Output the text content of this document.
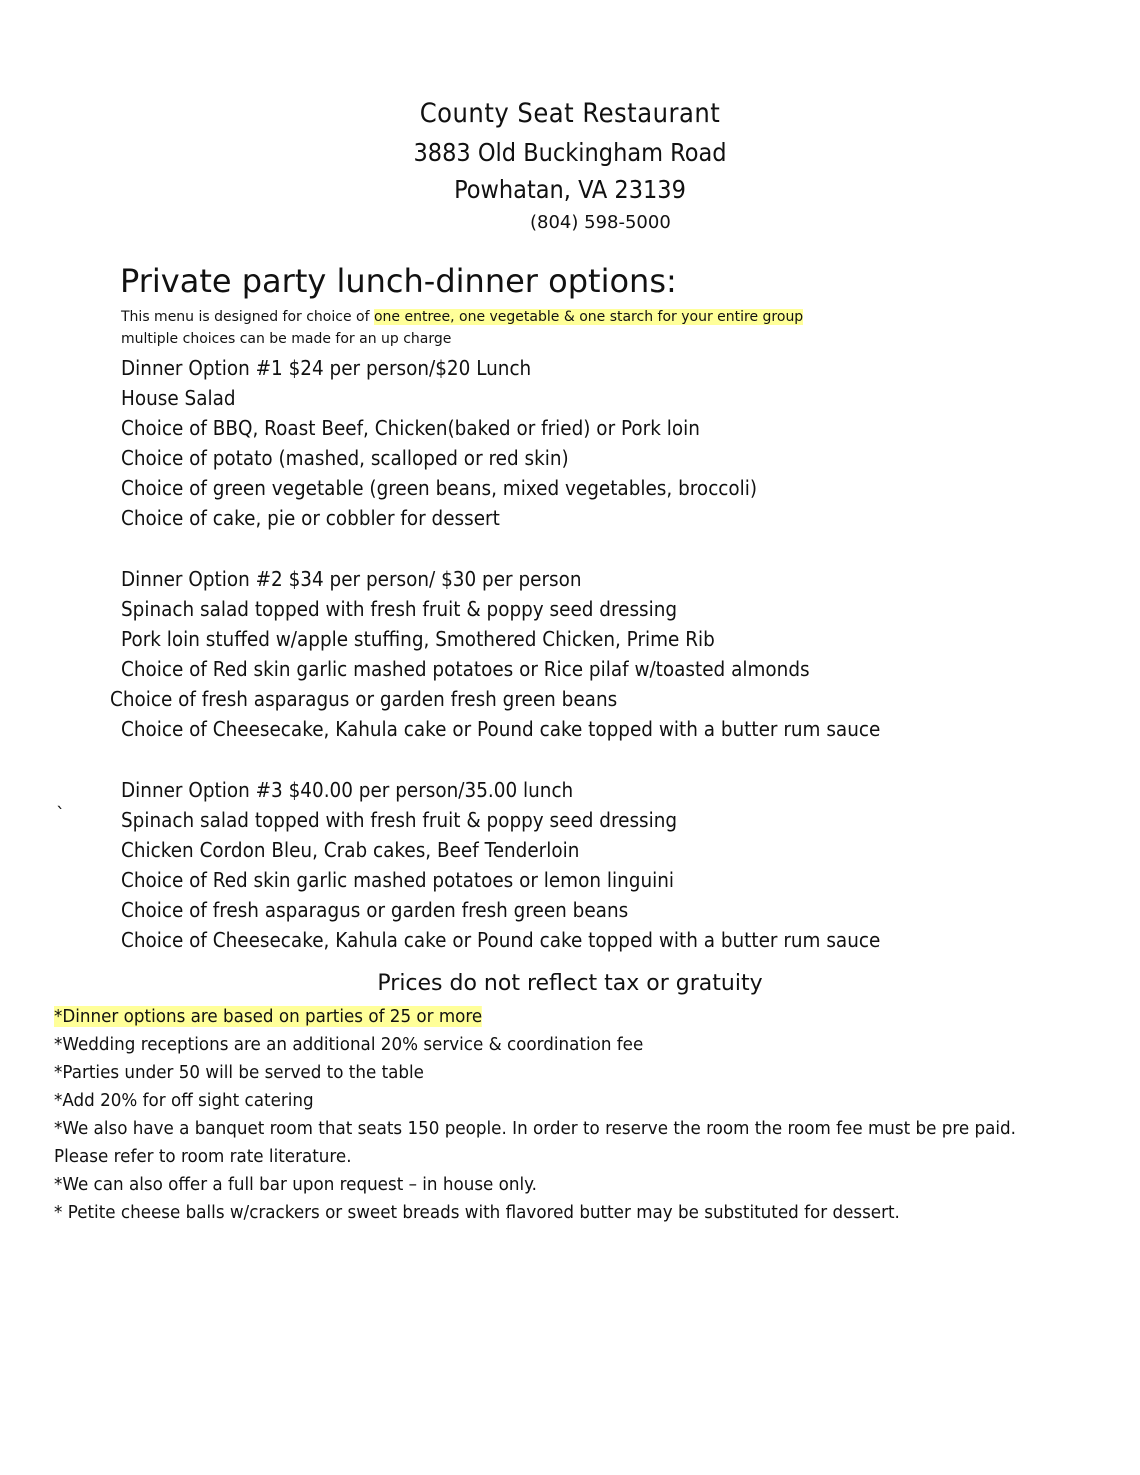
County Seat Restaurant
3883 Old Buckingham Road
Powhatan, VA 23139
(804) 598-5000
Private party lunch-dinner options:
This menu is designed for choice of one entree, one vegetable & one starch for your entire group
multiple choices can be made for an up charge
Dinner Option #1 $24 per person/$20 Lunch
House Salad
Choice of BBQ, Roast Beef, Chicken(baked or fried) or Pork loin
Choice of potato (mashed, scalloped or red skin)
Choice of green vegetable (green beans, mixed vegetables, broccoli)
Choice of cake, pie or cobbler for dessert
Dinner Option #2 $34 per person/ $30 per person
Spinach salad topped with fresh fruit & poppy seed dressing
Pork loin stuffed w/apple stuffing, Smothered Chicken, Prime Rib
Choice of Red skin garlic mashed potatoes or Rice pilaf w/toasted almonds
Choice of fresh asparagus or garden fresh green beans
Choice of Cheesecake, Kahula cake or Pound cake topped with a butter rum sauce
Dinner Option #3 $40.00 per person/35.00 lunch
`	Spinach salad topped with fresh fruit & poppy seed dressing
Chicken Cordon Bleu, Crab cakes, Beef Tenderloin
Choice of Red skin garlic mashed potatoes or lemon linguini
Choice of fresh asparagus or garden fresh green beans
Choice of Cheesecake, Kahula cake or Pound cake topped with a butter rum sauce
Prices do not reflect tax or gratuity
*Dinner options are based on parties of 25 or more
*Wedding receptions are an additional 20% service & coordination fee
*Parties under 50 will be served to the table
*Add 20% for off sight catering
*We also have a banquet room that seats 150 people. In order to reserve the room the room fee must be pre paid.
Please refer to room rate literature.
*We can also offer a full bar upon request – in house only.
* Petite cheese balls w/crackers or sweet breads with flavored butter may be substituted for dessert.
